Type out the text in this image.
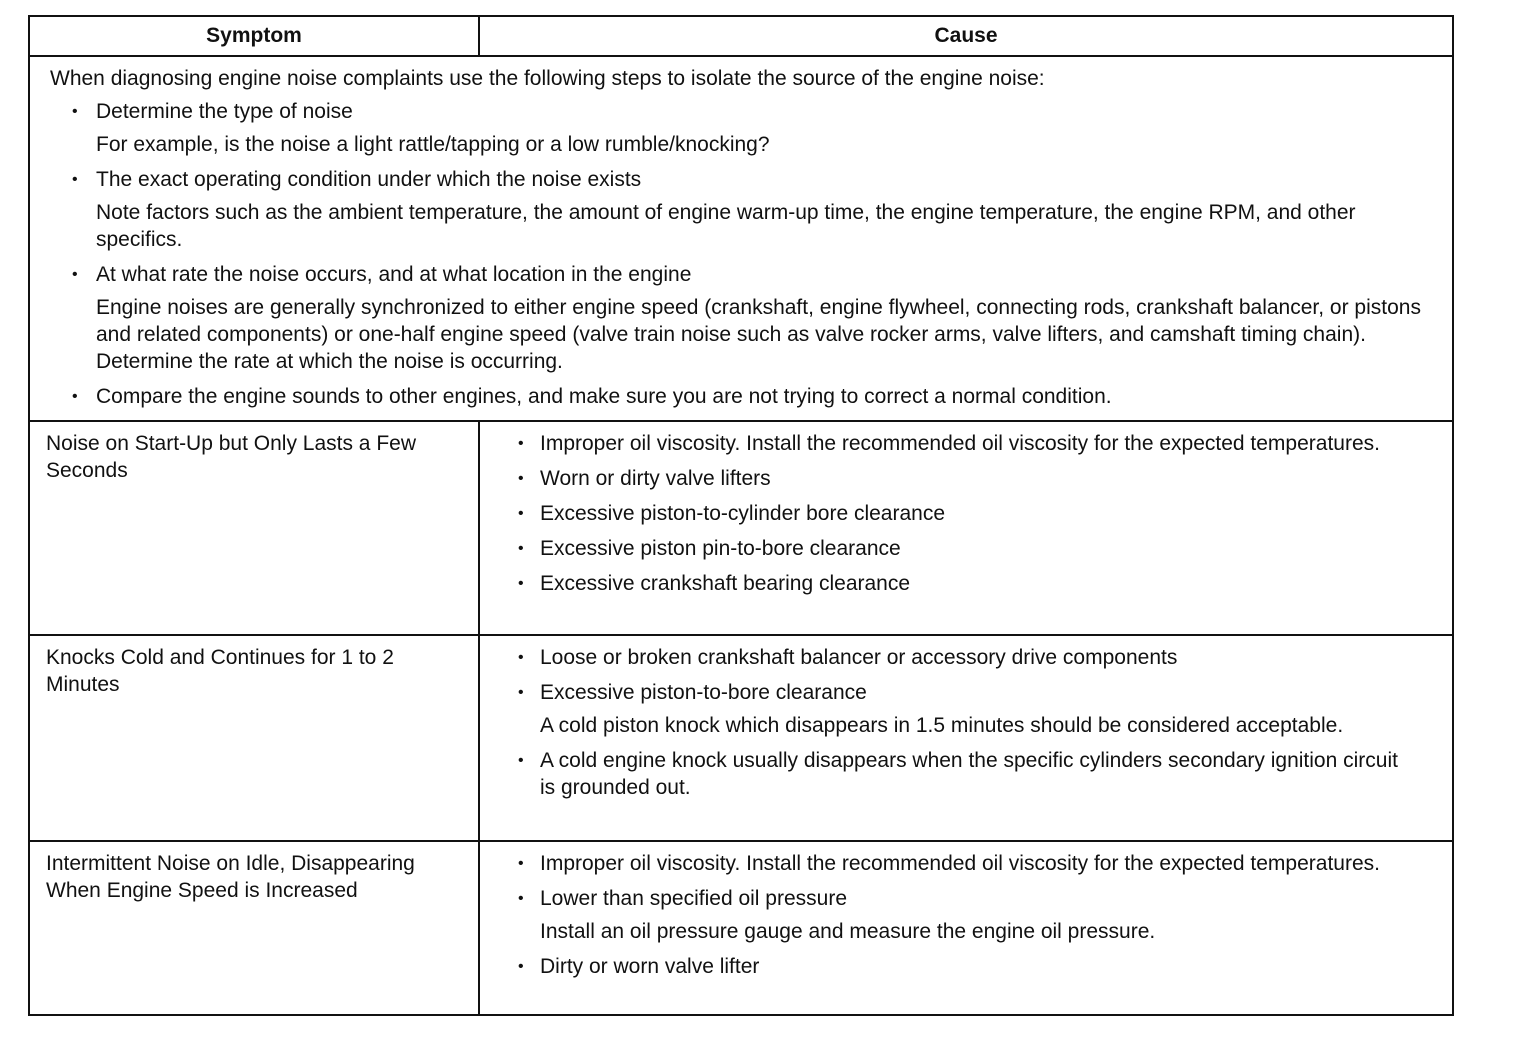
Symptom	Cause

When diagnosing engine noise complaints use the following steps to isolate the source of the engine noise:

• Determine the type of noise
For example, is the noise a light rattle/tapping or a low rumble/knocking?
• The exact operating condition under which the noise exists
Note factors such as the ambient temperature, the amount of engine warm-up time, the engine temperature, the engine RPM, and other specifics.
• At what rate the noise occurs, and at what location in the engine
Engine noises are generally synchronized to either engine speed (crankshaft, engine flywheel, connecting rods, crankshaft balancer, or pistons and related components) or one-half engine speed (valve train noise such as valve rocker arms, valve lifters, and camshaft timing chain). Determine the rate at which the noise is occurring.
• Compare the engine sounds to other engines, and make sure you are not trying to correct a normal condition.
Noise on Start-Up but Only Lasts a Few Seconds
• Improper oil viscosity. Install the recommended oil viscosity for the expected temperatures.
• Worn or dirty valve lifters
• Excessive piston-to-cylinder bore clearance
• Excessive piston pin-to-bore clearance
• Excessive crankshaft bearing clearance
Knocks Cold and Continues for 1 to 2 Minutes
• Loose or broken crankshaft balancer or accessory drive components
• Excessive piston-to-bore clearance
A cold piston knock which disappears in 1.5 minutes should be considered acceptable.
• A cold engine knock usually disappears when the specific cylinders secondary ignition circuit is grounded out.
Intermittent Noise on Idle, Disappearing When Engine Speed is Increased
• Improper oil viscosity. Install the recommended oil viscosity for the expected temperatures.
• Lower than specified oil pressure
Install an oil pressure gauge and measure the engine oil pressure.
• Dirty or worn valve lifter
